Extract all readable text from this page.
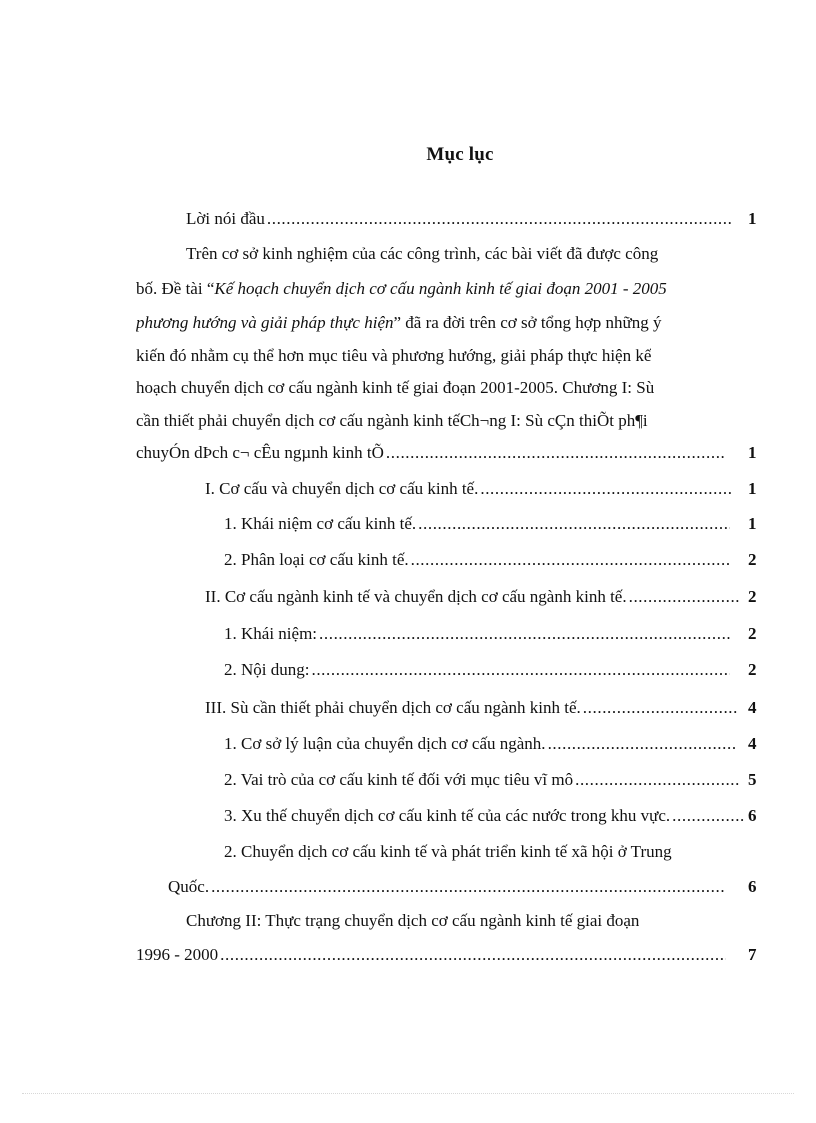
Mục lục
Lời nói đầu .....	1
Trên cơ sở kinh nghiệm của các công trình, các bài viết đã được công
bố. Đề tài “Kế hoạch chuyển dịch cơ cấu ngành kinh tế giai đoạn 2001 - 2005
phương hướng và giải pháp thực hiện” đã ra đời trên cơ sở tổng hợp những ý
kiến đó nhằm cụ thể hơn mục tiêu và phương hướng, giải pháp thực hiện kế
hoạch chuyển dịch cơ cấu ngành kinh tế giai đoạn 2001-2005. Chương I: Sù
cần thiết phải chuyển dịch cơ cấu ngành kinh tếCh¬ng I: Sù cÇn thiÕt ph¶i
chuyÓn dÞch c¬ cÊu ngµnh kinh tÕ .....	1
I. Cơ cấu và chuyển dịch cơ cấu kinh tế. .....	1
1. Khái niệm cơ cấu kinh tế. .....	1
2. Phân loại cơ cấu kinh tế. .....	2
II. Cơ cấu ngành kinh tế và chuyển dịch cơ cấu ngành kinh tế. .....	2
1. Khái niệm: .....	2
2. Nội dung: .....	2
III. Sù cần thiết phải chuyển dịch cơ cấu ngành kinh tế. .....	4
1. Cơ sở lý luận của chuyển dịch cơ cấu ngành. .....	4
2. Vai trò của cơ cấu kinh tế đối với mục tiêu vĩ mô .....	5
3. Xu thế chuyển dịch cơ cấu kinh tế của các nước trong khu vực. .....	6
2. Chuyển dịch cơ cấu kinh tế và phát triển kinh tế xã hội ở Trung
Quốc. .....	6
Chương II: Thực trạng chuyển dịch cơ cấu ngành kinh tế giai đoạn
1996 - 2000 .....	7
